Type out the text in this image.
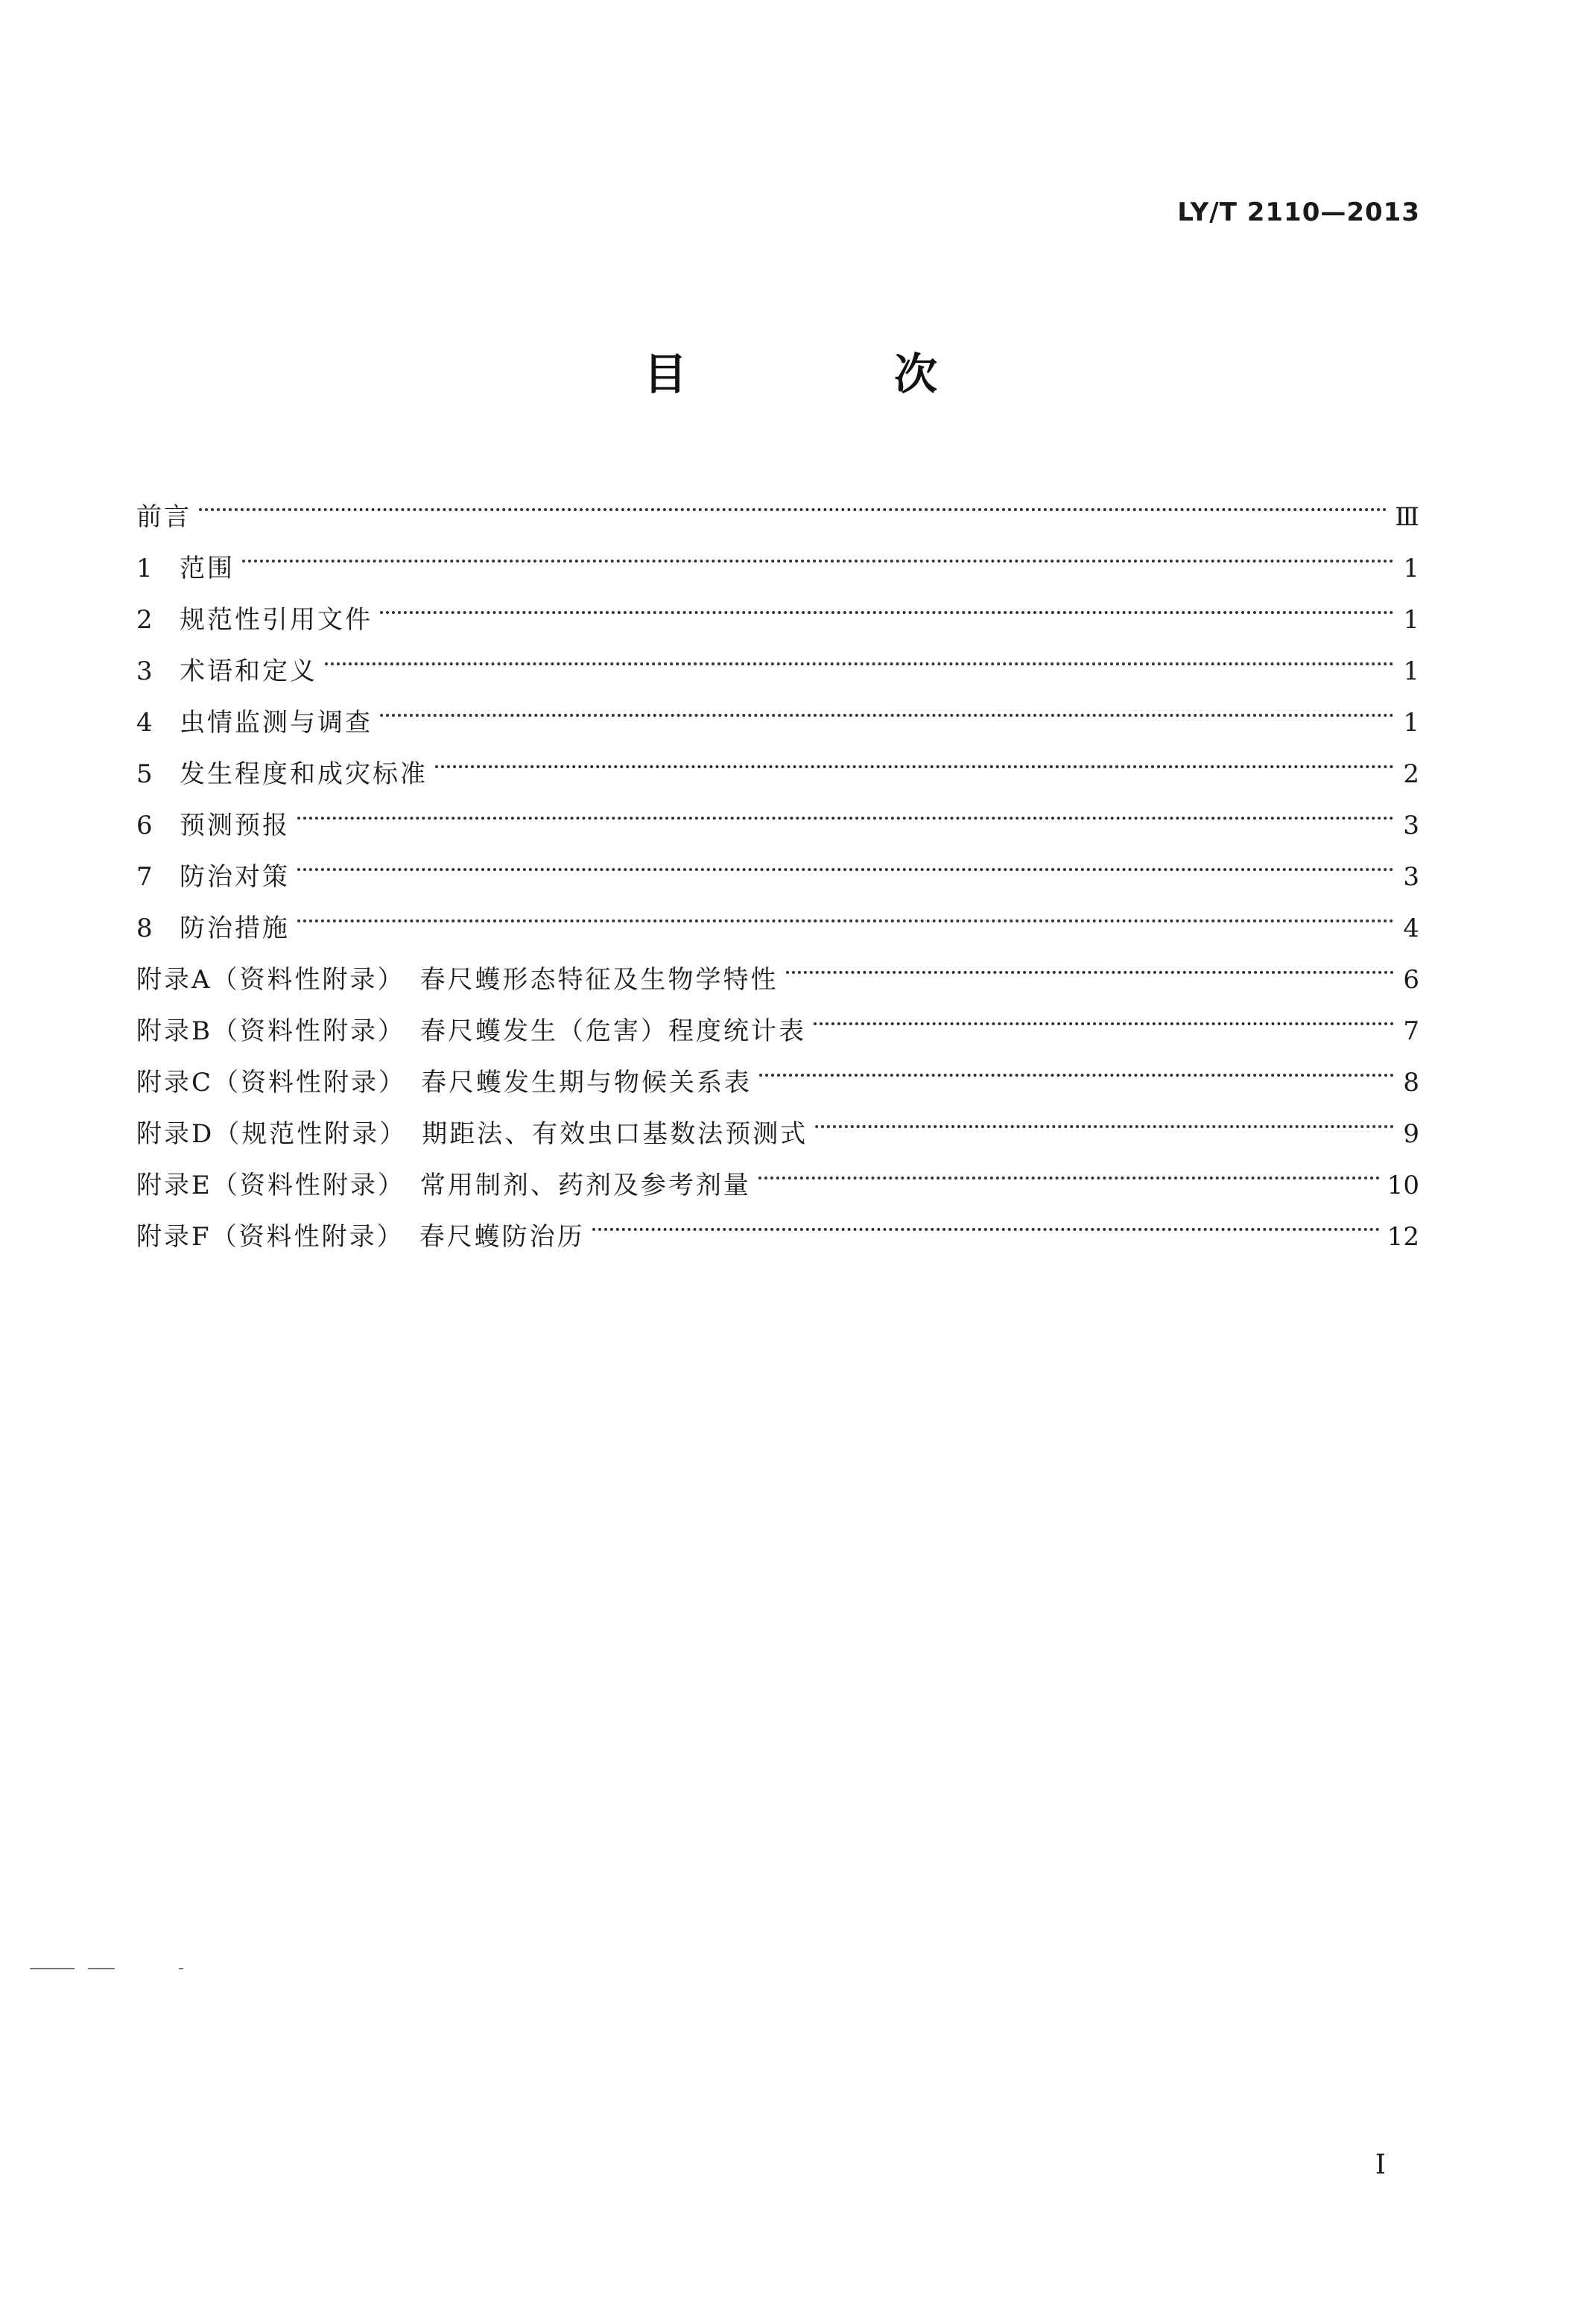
LY/T 2110—2013
目　次
前言	Ⅲ
1	范围	1
2	规范性引用文件	1
3	术语和定义	1
4	虫情监测与调查	1
5	发生程度和成灾标准	2
6	预测预报	3
7	防治对策	3
8	防治措施	4
附录A（资料性附录）　春尺蠖形态特征及生物学特性	6
附录B（资料性附录）　春尺蠖发生（危害）程度统计表	7
附录C（资料性附录）　春尺蠖发生期与物候关系表	8
附录D（规范性附录）　期距法、有效虫口基数法预测式	9
附录E（资料性附录）　常用制剂、药剂及参考剂量	10
附录F（资料性附录）　春尺蠖防治历	12
I
